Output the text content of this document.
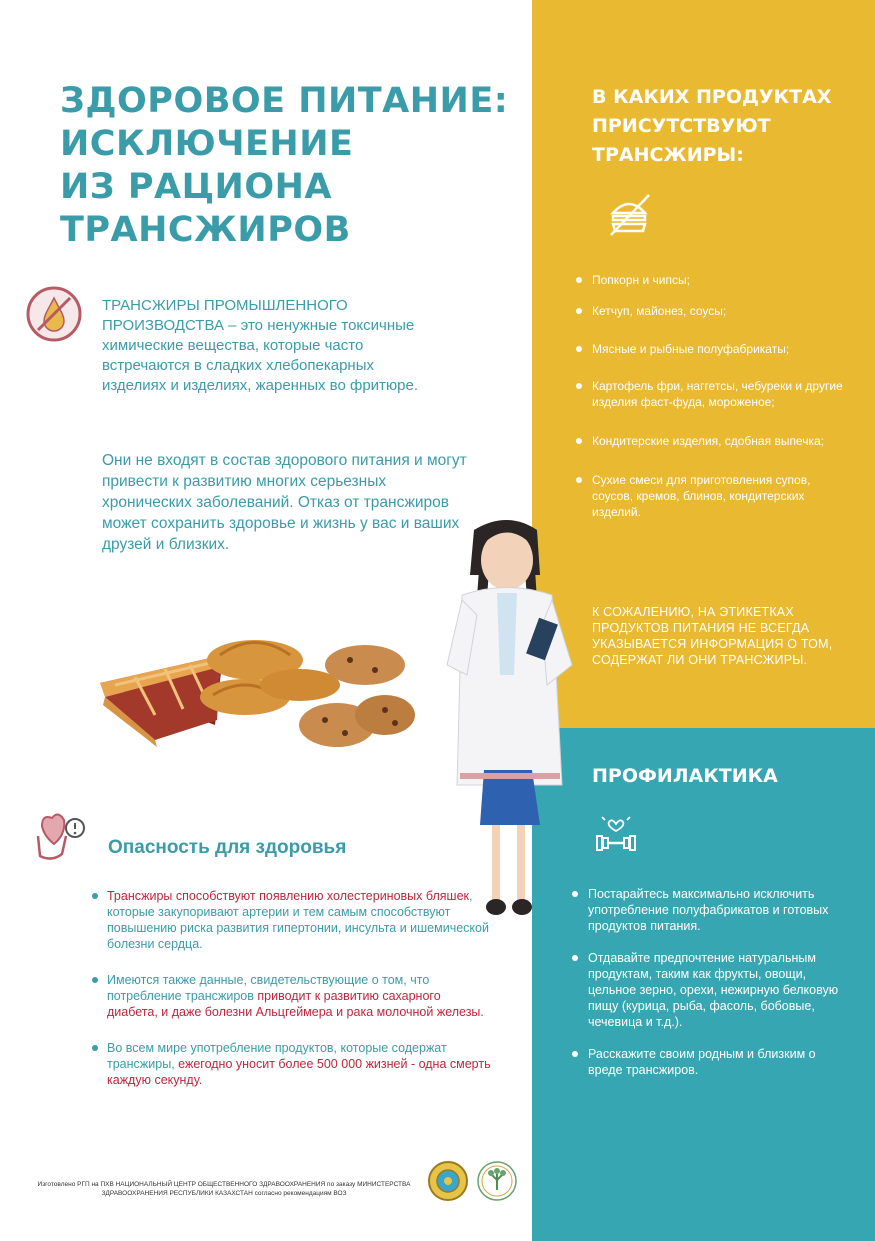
ЗДОРОВОЕ ПИТАНИЕ:
ИСКЛЮЧЕНИЕ
ИЗ РАЦИОНА
ТРАНСЖИРОВ
ТРАНСЖИРЫ ПРОМЫШЛЕННОГО ПРОИЗВОДСТВА – это ненужные токсичные химические вещества, которые часто встречаются в сладких хлебопекарных изделиях и изделиях, жаренных во фритюре.
Они не входят в состав здорового питания и могут привести к развитию многих серьезных хронических заболеваний. Отказ от трансжиров может сохранить здоровье и жизнь у вас и ваших друзей и близких.
В КАКИХ ПРОДУКТАХ
ПРИСУТСТВУЮТ
ТРАНСЖИРЫ:
Попкорн и чипсы;
Кетчуп, майонез, соусы;
Мясные и рыбные полуфабрикаты;
Картофель фри, наггетсы, чебуреки и другие изделия фаст-фуда, мороженое;
Кондитерские изделия, сдобная выпечка;
Сухие смеси для приготовления супов, соусов, кремов, блинов, кондитерских изделий.
К СОЖАЛЕНИЮ, НА ЭТИКЕТКАХ ПРОДУКТОВ ПИТАНИЯ НЕ ВСЕГДА УКАЗЫВАЕТСЯ ИНФОРМАЦИЯ О ТОМ, СОДЕРЖАТ ЛИ ОНИ ТРАНСЖИРЫ.
Опасность для здоровья
Трансжиры способствуют появлению холестериновых бляшек, которые закупоривают артерии и тем самым способствуют повышению риска развития гипертонии, инсульта и ишемической болезни сердца.
Имеются также данные, свидетельствующие о том, что потребление трансжиров приводит к развитию сахарного диабета, и даже болезни Альцгеймера и рака молочной железы.
Во всем мире употребление продуктов, которые содержат трансжиры, ежегодно уносит более 500 000 жизней - одна смерть каждую секунду.
ПРОФИЛАКТИКА
Постарайтесь максимально исключить употребление полуфабрикатов и готовых продуктов питания.
Отдавайте предпочтение натуральным продуктам, таким как фрукты, овощи, цельное зерно, орехи, нежирную белковую пищу (курица, рыба, фасоль, бобовые, чечевица и т.д.).
Расскажите своим родным и близким о вреде трансжиров.
Изготовлено РГП на ПХВ НАЦИОНАЛЬНЫЙ ЦЕНТР ОБЩЕСТВЕННОГО ЗДРАВООХРАНЕНИЯ по заказу МИНИСТЕРСТВА ЗДРАВООХРАНЕНИЯ РЕСПУБЛИКИ КАЗАХСТАН согласно рекомендациям ВОЗ
